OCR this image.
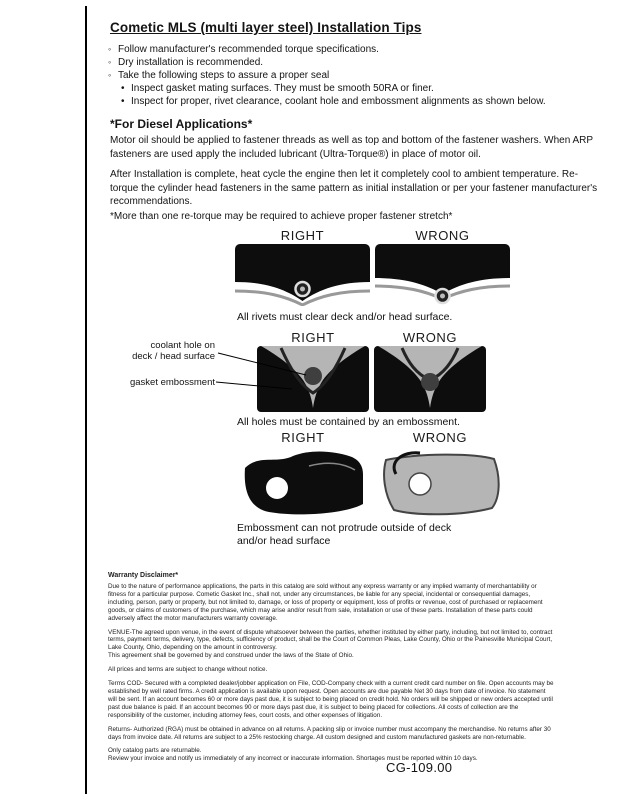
Cometic MLS (multi layer steel) Installation Tips
◦ Follow manufacturer's recommended torque specifications.
◦ Dry installation is recommended.
◦ Take the following steps to assure a proper seal
• Inspect gasket mating surfaces. They must be smooth 50RA or finer.
• Inspect for proper, rivet clearance, coolant hole and embossment alignments as shown below.
*For Diesel Applications*
Motor oil should be applied to fastener threads as well as top and bottom of the fastener washers. When ARP fasteners are used apply the included lubricant (Ultra-Torque®) in place of motor oil.
After Installation is complete, heat cycle the engine then let it completely cool to ambient temperature. Re-torque the cylinder head fasteners in the same pattern as initial installation or per your fastener manufacturer's recommendations.
*More than one re-torque may be required to achieve proper fastener stretch*
RIGHT	WRONG
All rivets must clear deck and/or head surface.
RIGHT	WRONG
coolant hole on
deck / head surface
gasket embossment
All holes must be contained by an embossment.
RIGHT	WRONG
Embossment can not protrude outside of deck and/or head surface
Warranty Disclaimer*

Due to the nature of performance applications, the parts in this catalog are sold without any express warranty or any implied warranty of merchantability or fitness for a particular purpose. Cometic Gasket Inc., shall not, under any circumstances, be liable for any special, incidental or consequential damages, including, person, party or property, but not limited to, damage, or loss of property or equipment, loss of profits or revenue, cost of purchased or replacement goods, or claims of customers of the purchase, which may arise and/or result from sale, installation or use of these parts. Installation of these parts could adversely affect the motor manufacturers warranty coverage.

VENUE-The agreed upon venue, in the event of dispute whatsoever between the parties, whether instituted by either party, including, but not limited to, contract terms, payment terms, delivery, type, defects, sufficiency of product, shall be the Court of Common Pleas, Lake County, Ohio or the Painesville Municipal Court, Lake County, Ohio, depending on the amount in controversy.

This agreement shall be governed by and construed under the laws of the State of Ohio.

All prices and terms are subject to change without notice.

Terms COD- Secured with a completed dealer/jobber application on File, COD-Company check with a current credit card number on file. Open accounts may be established by well rated firms. A credit application is available upon request. Open accounts are due payable Net 30 days from date of invoice. No statement will be sent. If an account becomes 60 or more days past due, it is subject to being placed on credit hold. No orders will be shipped or new orders accepted until past due balance is paid. If an account becomes 90 or more days past due, it is subject to being placed for collections. All costs of collection are the responsibility of the customer, including attorney fees, court costs, and other expenses of litigation.

Returns- Authorized (RGA) must be obtained in advance on all returns. A packing slip or invoice number must accompany the merchandise. No returns after 30 days from invoice date. All returns are subject to a 25% restocking charge. All custom designed and custom manufactured gaskets are non-returnable.

Only catalog parts are returnable.

Review your invoice and notify us immediately of any incorrect or inaccurate information. Shortages must be reported within 10 days.

CG-109.00
